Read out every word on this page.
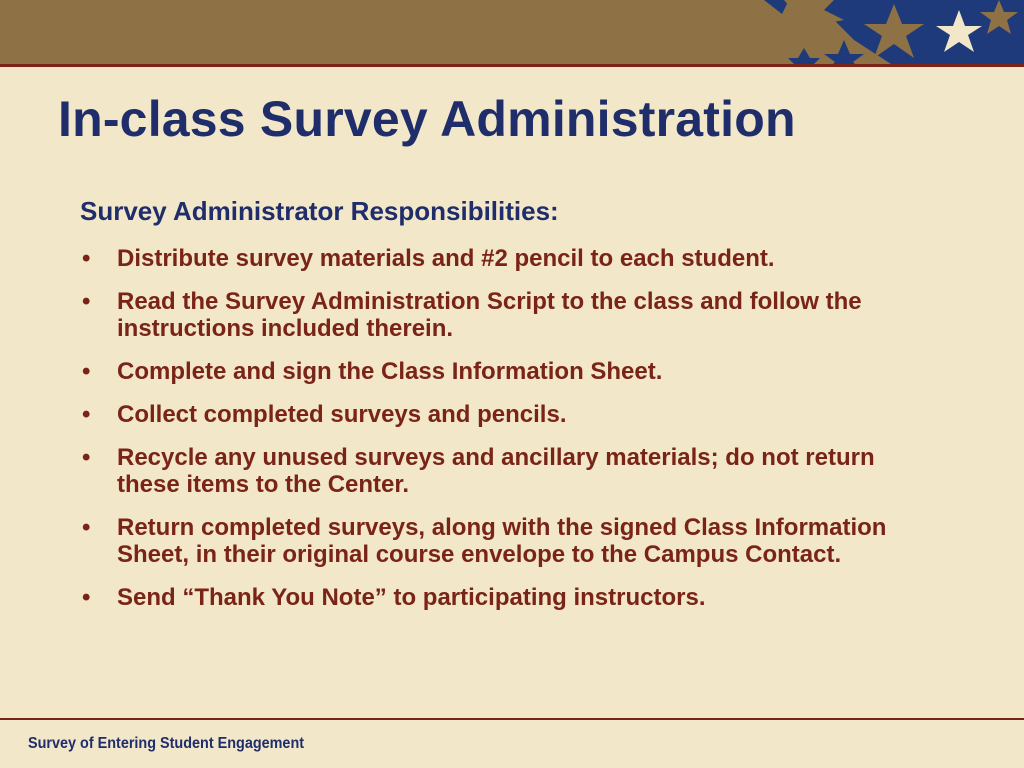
In-class Survey Administration
Survey Administrator Responsibilities:
• Distribute survey materials and #2 pencil to each student.
• Read the Survey Administration Script to the class and follow the instructions included therein.
• Complete and sign the Class Information Sheet.
• Collect completed surveys and pencils.
• Recycle any unused surveys and ancillary materials; do not return these items to the Center.
• Return completed surveys, along with the signed Class Information Sheet, in their original course envelope to the Campus Contact.
• Send “Thank You Note” to participating instructors.
Survey of Entering Student Engagement
